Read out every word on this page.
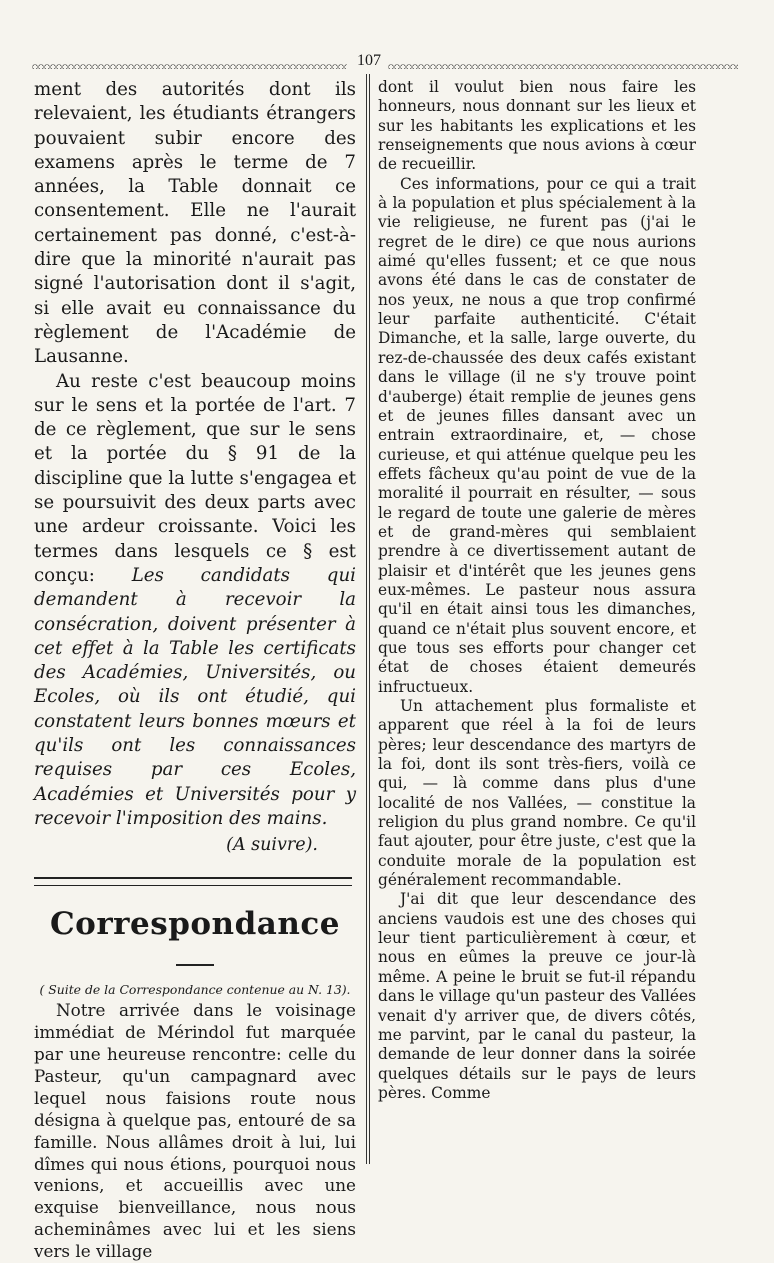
107

ment des autorités dont ils relevaient, les étudiants étrangers pouvaient subir encore des examens après le terme de 7 années, la Table donnait ce consentement. Elle ne l'aurait certainement pas donné, c'est-à-dire que la minorité n'aurait pas signé l'autorisation dont il s'agit, si elle avait eu connaissance du règlement de l'Académie de Lausanne.

Au reste c'est beaucoup moins sur le sens et la portée de l'art. 7 de ce règlement, que sur le sens et la portée du § 91 de la discipline que la lutte s'engagea et se poursuivit des deux parts avec une ardeur croissante. Voici les termes dans lesquels ce § est conçu: Les candidats qui demandent à recevoir la consécration, doivent présenter à cet effet à la Table les certificats des Académies, Universités, ou Ecoles, où ils ont étudié, qui constatent leurs bonnes mœurs et qu'ils ont les connaissances requises par ces Ecoles, Académies et Universités pour y recevoir l'imposition des mains.

(A suivre).
Correspondance
( Suite de la Correspondance contenue au N. 13).

Notre arrivée dans le voisinage immédiat de Mérindol fut marquée par une heureuse rencontre: celle du Pasteur, qu'un campagnard avec lequel nous faisions route nous désigna à quelque pas, entouré de sa famille. Nous allâmes droit à lui, lui dîmes qui nous étions, pourquoi nous venions, et accueillis avec une exquise bienveillance, nous nous acheminâmes avec lui et les siens vers le village

dont il voulut bien nous faire les honneurs, nous donnant sur les lieux et sur les habitants les explications et les renseignements que nous avions à cœur de recueillir.

Ces informations, pour ce qui a trait à la population et plus spécialement à la vie religieuse, ne furent pas (j'ai le regret de le dire) ce que nous aurions aimé qu'elles fussent; et ce que nous avons été dans le cas de constater de nos yeux, ne nous a que trop confirmé leur parfaite authenticité. C'était Dimanche, et la salle, large ouverte, du rez-de-chaussée des deux cafés existant dans le village (il ne s'y trouve point d'auberge) était remplie de jeunes gens et de jeunes filles dansant avec un entrain extraordinaire, et, — chose curieuse, et qui atténue quelque peu les effets fâcheux qu'au point de vue de la moralité il pourrait en résulter, — sous le regard de toute une galerie de mères et de grand-mères qui semblaient prendre à ce divertissement autant de plaisir et d'intérêt que les jeunes gens eux-mêmes. Le pasteur nous assura qu'il en était ainsi tous les dimanches, quand ce n'était plus souvent encore, et que tous ses efforts pour changer cet état de choses étaient demeurés infructueux.

Un attachement plus formaliste et apparent que réel à la foi de leurs pères; leur descendance des martyrs de la foi, dont ils sont très-fiers, voilà ce qui, — là comme dans plus d'une localité de nos Vallées, — constitue la religion du plus grand nombre. Ce qu'il faut ajouter, pour être juste, c'est que la conduite morale de la population est généralement recommandable.

J'ai dit que leur descendance des anciens vaudois est une des choses qui leur tient particulièrement à cœur, et nous en eûmes la preuve ce jour-là même. A peine le bruit se fut-il répandu dans le village qu'un pasteur des Vallées venait d'y arriver que, de divers côtés, me parvint, par le canal du pasteur, la demande de leur donner dans la soirée quelques détails sur le pays de leurs pères. Comme
